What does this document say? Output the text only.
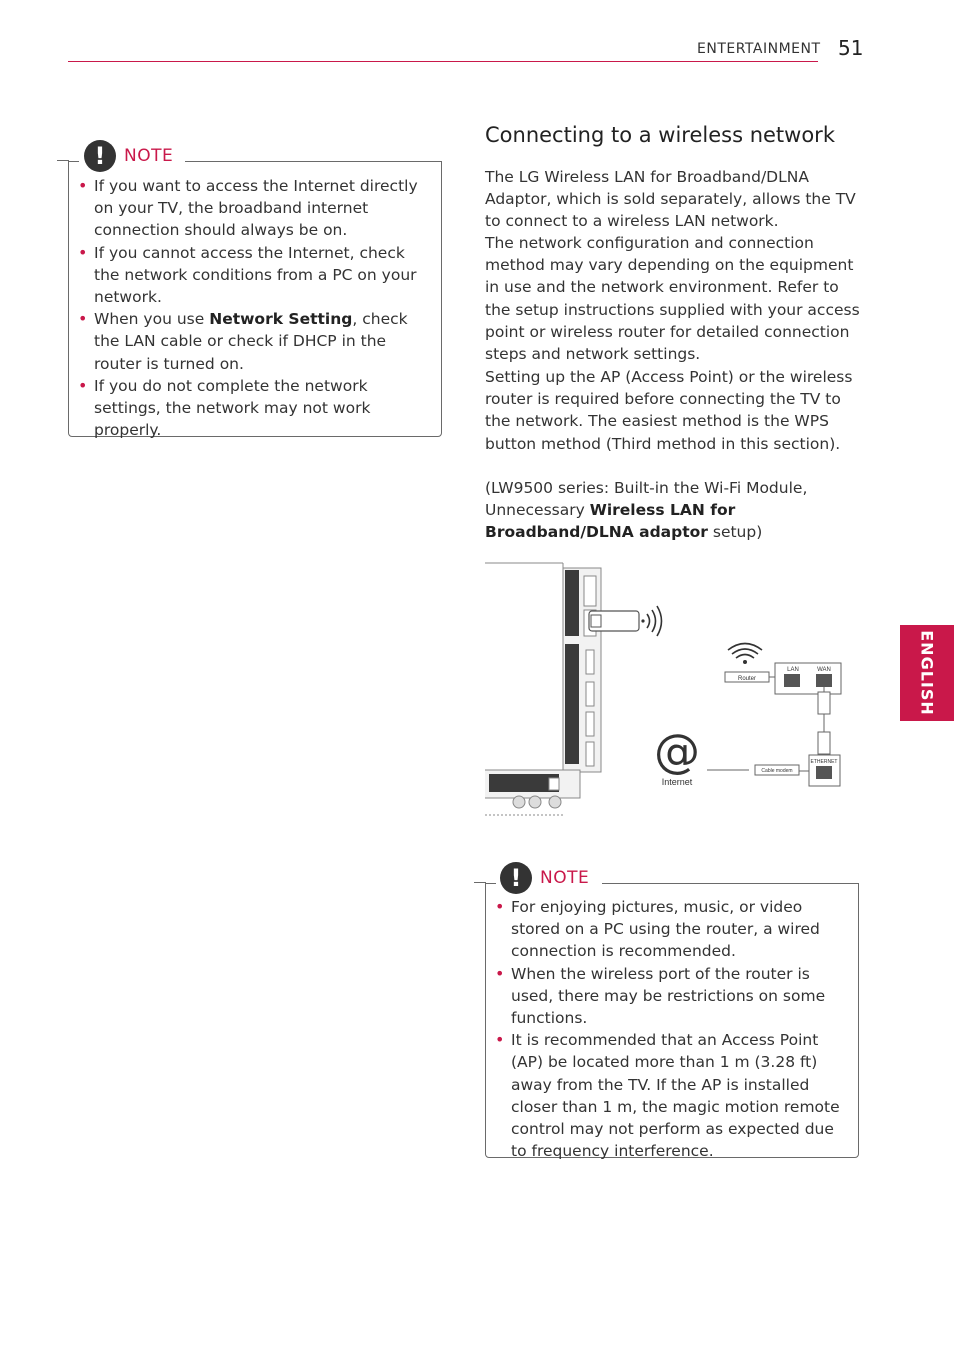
ENTERTAINMENT 51
ENGLISH
!	NOTE
• If you want to access the Internet directly on your TV, the broadband internet connection should always be on.
• If you cannot access the Internet, check the network conditions from a PC on your network.
• When you use Network Setting, check the LAN cable or check if DHCP in the router is turned on.
• If you do not complete the network settings, the network may not work properly.
Connecting to a wireless network

The LG Wireless LAN for Broadband/DLNA Adaptor, which is sold separately, allows the TV to connect to a wireless LAN network.

The network configuration and connection method may vary depending on the equipment in use and the network environment. Refer to the setup instructions supplied with your access point or wireless router for detailed connection steps and network settings.

Setting up the AP (Access Point) or the wireless router is required before connecting the TV to the network. The easiest method is the WPS button method (Third method in this section).

(LW9500 series: Built-in the Wi-Fi Module, Unnecessary Wireless LAN for Broadband/DLNA adaptor setup)

Router
LAN	WAN
ETHERNET
Cable modem
@
Internet
!	NOTE
• For enjoying pictures, music, or video stored on a PC using the router, a wired connection is recommended.
• When the wireless port of the router is used, there may be restrictions on some functions.
• It is recommended that an Access Point (AP) be located more than 1 m (3.28 ft) away from the TV. If the AP is installed closer than 1 m, the magic motion remote control may not perform as expected due to frequency interference.
